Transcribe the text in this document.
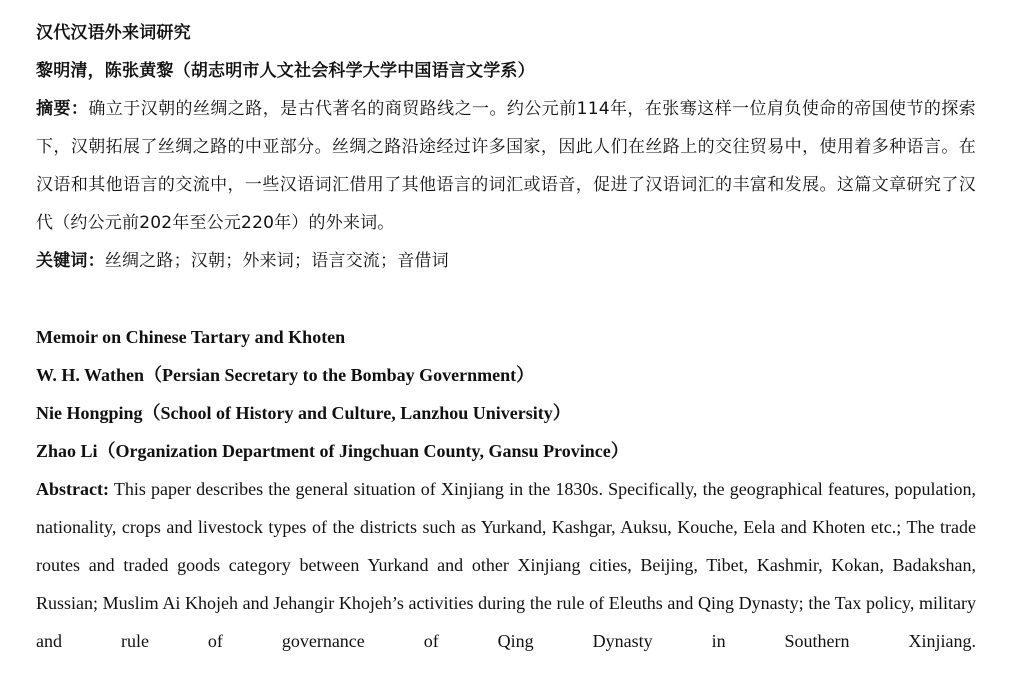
汉代汉语外来词研究
黎明清，陈张黄黎（胡志明市人文社会科学大学中国语言文学系）

摘要：确立于汉朝的丝绸之路，是古代著名的商贸路线之一。约公元前114年，在张骞这样一位肩负使命的帝国使节的探索下，汉朝拓展了丝绸之路的中亚部分。丝绸之路沿途经过许多国家，因此人们在丝路上的交往贸易中，使用着多种语言。在汉语和其他语言的交流中，一些汉语词汇借用了其他语言的词汇或语音，促进了汉语词汇的丰富和发展。这篇文章研究了汉代（约公元前202年至公元220年）的外来词。

关键词：丝绸之路；汉朝；外来词；语言交流；音借词
Memoir on Chinese Tartary and Khoten
W. H. Wathen（Persian Secretary to the Bombay Government）
Nie Hongping（School of History and Culture, Lanzhou University）
Zhao Li（Organization Department of Jingchuan County, Gansu Province）

Abstract: This paper describes the general situation of Xinjiang in the 1830s. Specifically, the geographical features, population, nationality, crops and livestock types of the districts such as Yurkand, Kashgar, Auksu, Kouche, Eela and Khoten etc.; The trade routes and traded goods category between Yurkand and other Xinjiang cities, Beijing, Tibet, Kashmir, Kokan, Badakshan, Russian; Muslim Ai Khojeh and Jehangir Khojeh’s activities during the rule of Eleuths and Qing Dynasty; the Tax policy, military and rule of governance of Qing Dynasty in Southern Xinjiang.
